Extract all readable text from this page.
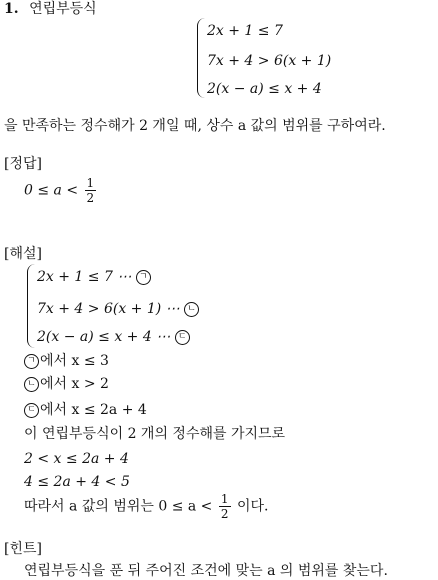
1. 연립부등식
2x + 1 ≤ 7
7x + 4 > 6(x + 1)
2(x − a) ≤ x + 4
을 만족하는 정수해가 2 개일 때, 상수 a 값의 범위를 구하여라.
[정답]
$0 \le a < \frac{1}{2}$
[해설]
2x + 1 ≤ 7 ⋯ ㄱ
7x + 4 > 6(x + 1) ⋯ ㄴ
2(x − a) ≤ x + 4 ⋯ ㄷ
ㄱ 에서 x ≤ 3
ㄴ 에서 x > 2
ㄷ 에서 x ≤ 2a + 4
이 연립부등식이 2 개의 정수해를 가지므로
2 < x ≤ 2a + 4
4 ≤ 2a + 4 < 5
따라서 a 값의 범위는 $0 \le a < \frac{1}{2}$ 이다.
[힌트]
연립부등식을 푼 뒤 주어진 조건에 맞는 a 의 범위를 찾는다.
